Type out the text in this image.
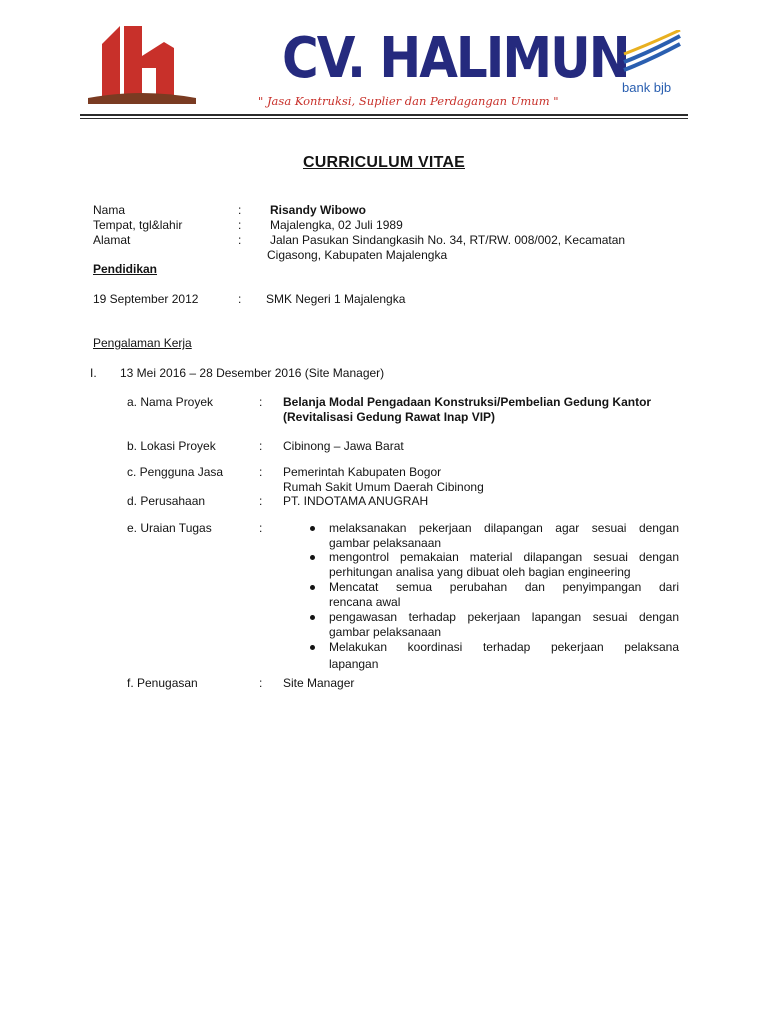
CV. HALIMUN
" Jasa Kontruksi, Suplier dan Perdagangan Umum "
bank bjb
CURRICULUM VITAE
Nama	: Risandy Wibowo
Tempat, tgl&lahir	: Majalengka, 02 Juli 1989
Alamat	: Jalan Pasukan Sindangkasih No. 34, RT/RW. 008/002, Kecamatan
Cigasong, Kabupaten Majalengka
Pendidikan
19 September 2012	: SMK Negeri 1 Majalengka
Pengalaman Kerja
I. 13 Mei 2016 – 28 Desember 2016 (Site Manager)
a. Nama Proyek	: Belanja Modal Pengadaan Konstruksi/Pembelian Gedung Kantor
(Revitalisasi Gedung Rawat Inap VIP)
b. Lokasi Proyek	: Cibinong – Jawa Barat
c. Pengguna Jasa	: Pemerintah Kabupaten Bogor
Rumah Sakit Umum Daerah Cibinong
d. Perusahaan	: PT. INDOTAMA ANUGRAH
e. Uraian Tugas	:	melaksanakan pekerjaan dilapangan agar sesuai dengan
gambar pelaksanaan
mengontrol pemakaian material dilapangan sesuai dengan
perhitungan analisa yang dibuat oleh bagian engineering
Mencatat semua perubahan dan penyimpangan dari
rencana awal
pengawasan terhadap pekerjaan lapangan sesuai dengan
gambar pelaksanaan
Melakukan koordinasi terhadap pekerjaan pelaksana
lapangan
f. Penugasan	: Site Manager
